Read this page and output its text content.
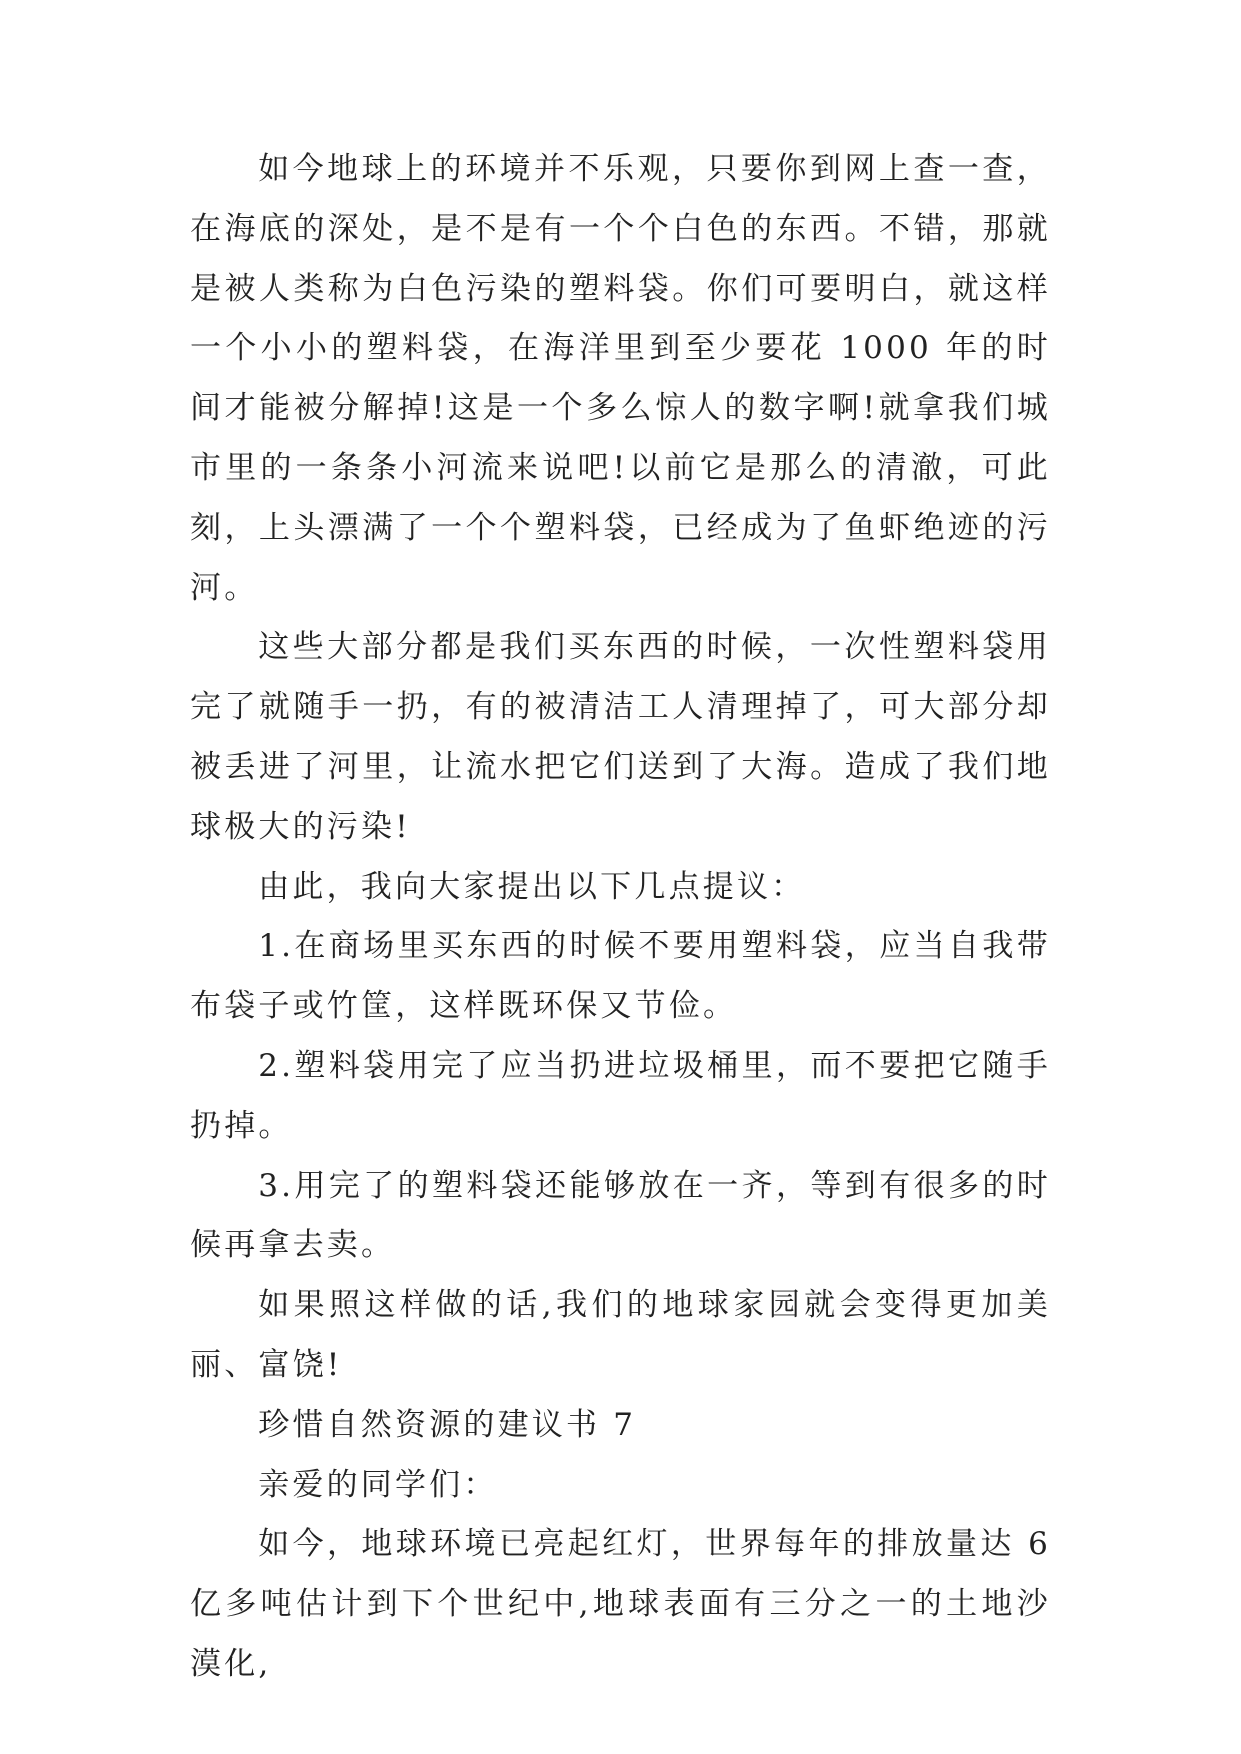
如今地球上的环境并不乐观，只要你到网上查一查，在海底的深处，是不是有一个个白色的东西。不错，那就是被人类称为白色污染的塑料袋。你们可要明白，就这样一个小小的塑料袋，在海洋里到至少要花 1000 年的时间才能被分解掉!这是一个多么惊人的数字啊!就拿我们城市里的一条条小河流来说吧!以前它是那么的清澈，可此刻，上头漂满了一个个塑料袋，已经成为了鱼虾绝迹的污河。

这些大部分都是我们买东西的时候，一次性塑料袋用完了就随手一扔，有的被清洁工人清理掉了，可大部分却被丢进了河里，让流水把它们送到了大海。造成了我们地球极大的污染!

由此，我向大家提出以下几点提议：

1.在商场里买东西的时候不要用塑料袋，应当自我带布袋子或竹筐，这样既环保又节俭。

2.塑料袋用完了应当扔进垃圾桶里，而不要把它随手扔掉。

3.用完了的塑料袋还能够放在一齐，等到有很多的时候再拿去卖。

如果照这样做的话,我们的地球家园就会变得更加美丽、富饶!

珍惜自然资源的建议书 7

亲爱的同学们：

如今，地球环境已亮起红灯，世界每年的排放量达 6 亿多吨估计到下个世纪中,地球表面有三分之一的土地沙漠化,
